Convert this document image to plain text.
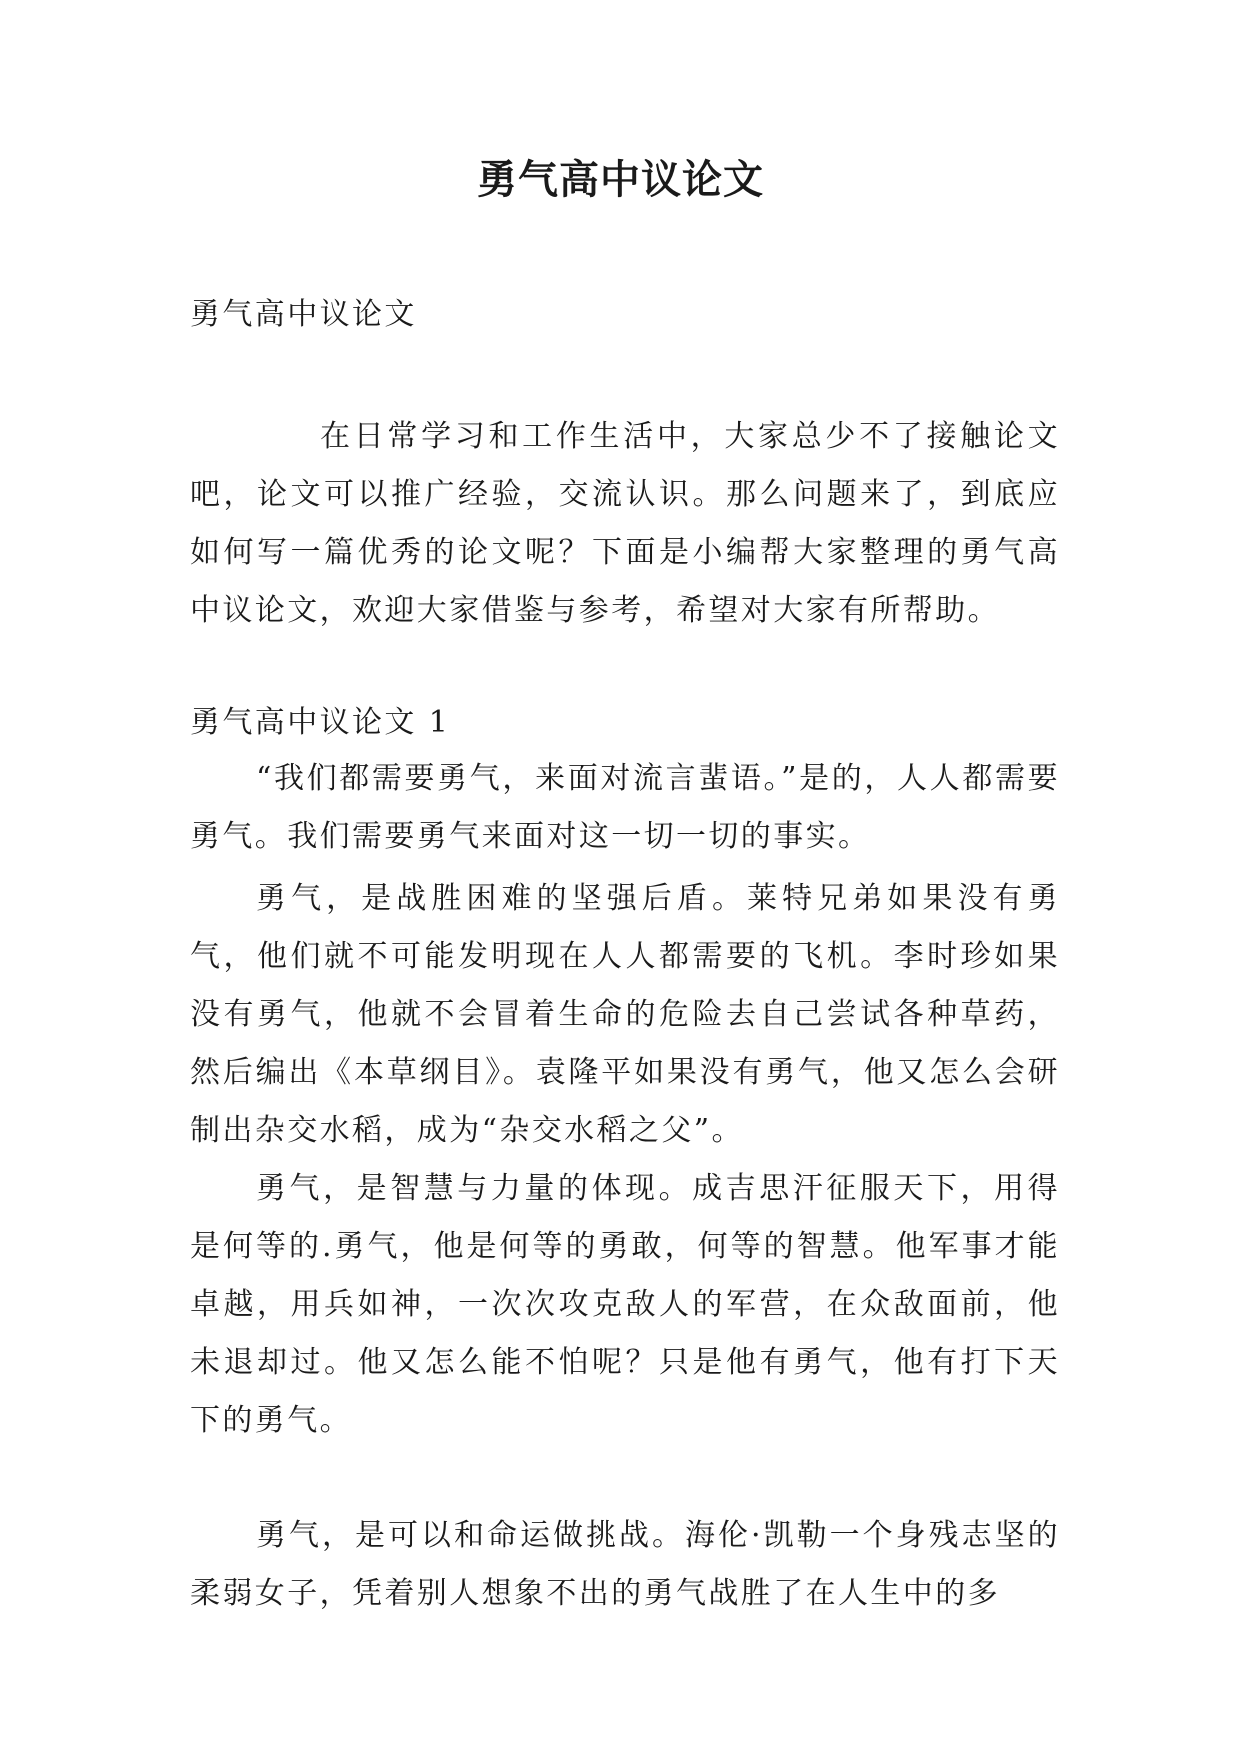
勇气高中议论文

勇气高中议论文

在日常学习和工作生活中，大家总少不了接触论文吧，论文可以推广经验，交流认识。那么问题来了，到底应如何写一篇优秀的论文呢？下面是小编帮大家整理的勇气高中议论文，欢迎大家借鉴与参考，希望对大家有所帮助。

勇气高中议论文 1

“我们都需要勇气，来面对流言蜚语。”是的，人人都需要勇气。我们需要勇气来面对这一切一切的事实。

勇气，是战胜困难的坚强后盾。莱特兄弟如果没有勇气，他们就不可能发明现在人人都需要的飞机。李时珍如果没有勇气，他就不会冒着生命的危险去自己尝试各种草药，然后编出《本草纲目》。袁隆平如果没有勇气，他又怎么会研制出杂交水稻，成为“杂交水稻之父”。

勇气，是智慧与力量的体现。成吉思汗征服天下，用得是何等的.勇气，他是何等的勇敢，何等的智慧。他军事才能卓越，用兵如神，一次次攻克敌人的军营，在众敌面前，他未退却过。他又怎么能不怕呢？只是他有勇气，他有打下天下的勇气。

勇气，是可以和命运做挑战。海伦·凯勒一个身残志坚的柔弱女子，凭着别人想象不出的勇气战胜了在人生中的多
